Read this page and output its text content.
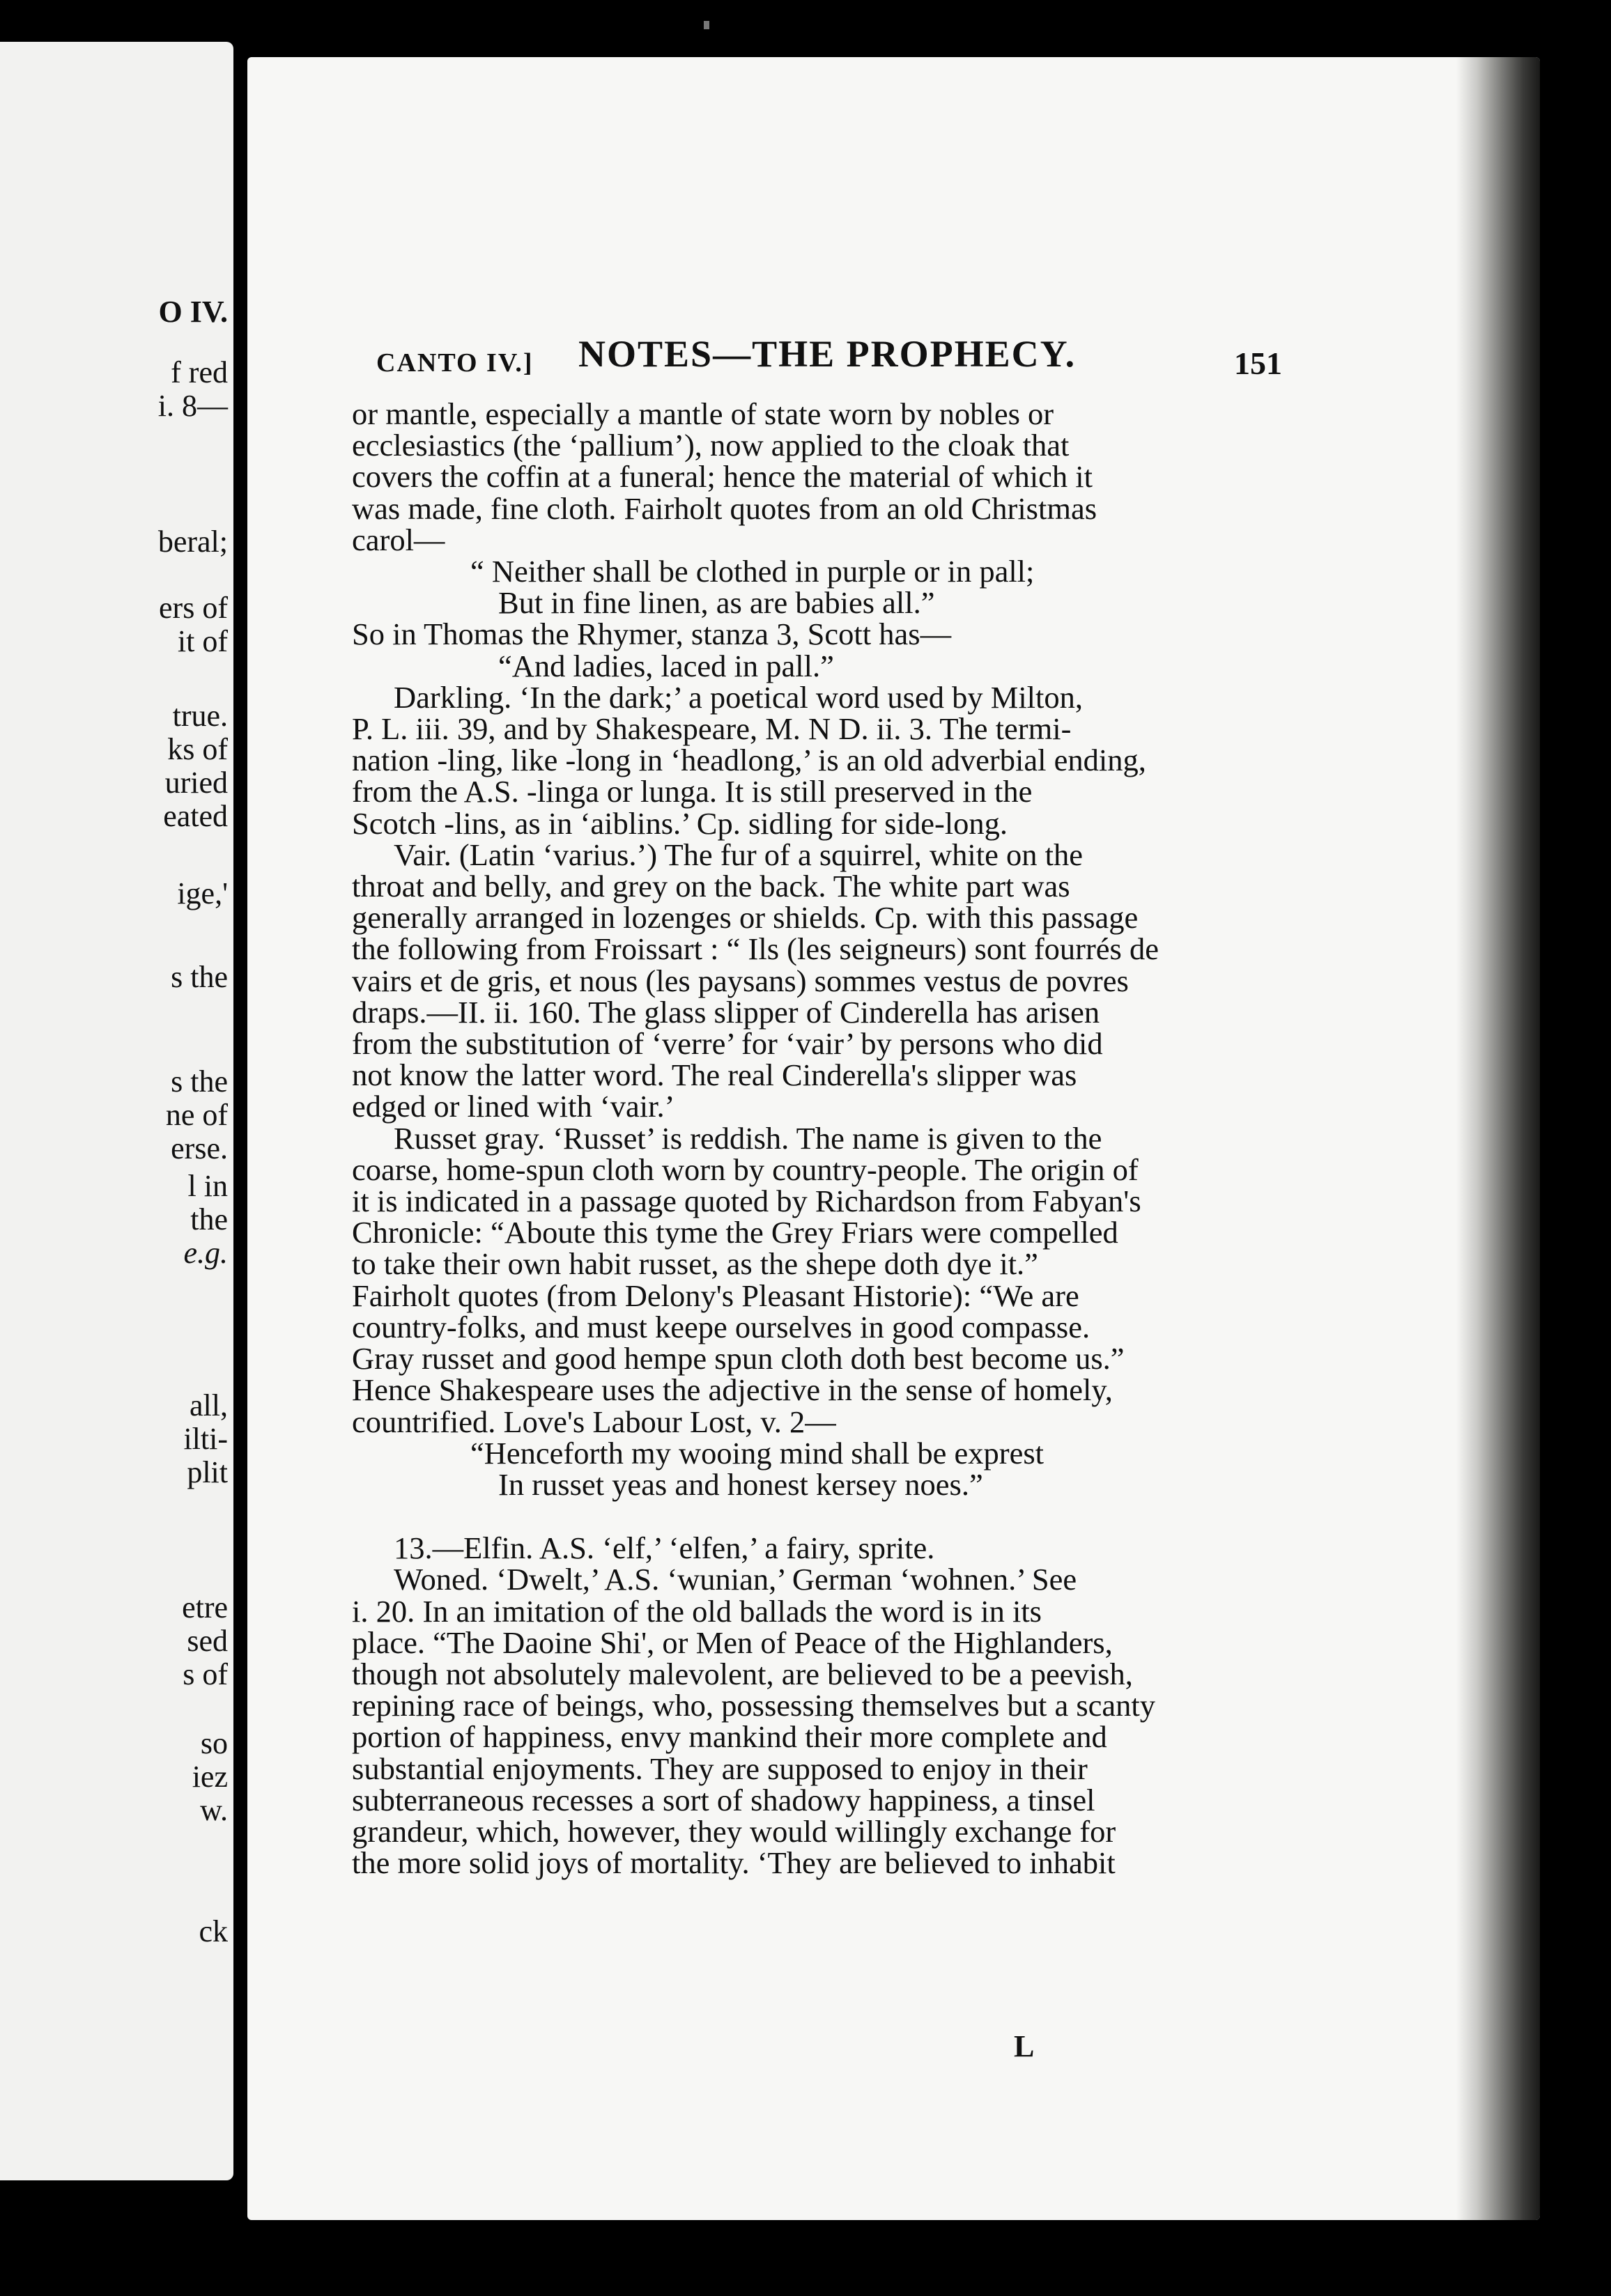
O IV.

f red

i. 8—

beral;

ers of

it of

true.

ks of

uried

eated

ige,'

s the

s the

ne of

erse.

l in

the

e.g.

all,

ilti-

plit

etre

sed

s of

so

iez

w.

ck

CANTO IV.] NOTES—THE PROPHECY.	151

or mantle, especially a mantle of state worn by nobles or

ecclesiastics (the ‘pallium’), now applied to the cloak that

covers the coffin at a funeral; hence the material of which it

was made, fine cloth. Fairholt quotes from an old Christmas

carol—

“ Neither shall be clothed in purple or in pall;

But in fine linen, as are babies all.”

So in Thomas the Rhymer, stanza 3, Scott has—

“And ladies, laced in pall.”

Darkling. ‘In the dark;’ a poetical word used by Milton,

P. L. iii. 39, and by Shakespeare, M. N D. ii. 3. The termi-

nation -ling, like -long in ‘headlong,’ is an old adverbial ending,

from the A.S. -linga or lunga. It is still preserved in the

Scotch -lins, as in ‘aiblins.’ Cp. sidling for side-long.

Vair. (Latin ‘varius.’) The fur of a squirrel, white on the

throat and belly, and grey on the back. The white part was

generally arranged in lozenges or shields. Cp. with this passage

the following from Froissart : “ Ils (les seigneurs) sont fourrés de

vairs et de gris, et nous (les paysans) sommes vestus de povres

draps.—II. ii. 160. The glass slipper of Cinderella has arisen

from the substitution of ‘verre’ for ‘vair’ by persons who did

not know the latter word. The real Cinderella's slipper was

edged or lined with ‘vair.’

Russet gray. ‘Russet’ is reddish. The name is given to the

coarse, home-spun cloth worn by country-people. The origin of

it is indicated in a passage quoted by Richardson from Fabyan's

Chronicle: “Aboute this tyme the Grey Friars were compelled

to take their own habit russet, as the shepe doth dye it.”

Fairholt quotes (from Delony's Pleasant Historie): “We are

country-folks, and must keepe ourselves in good compasse.

Gray russet and good hempe spun cloth doth best become us.”

Hence Shakespeare uses the adjective in the sense of homely,

countrified. Love's Labour Lost, v. 2—

“Henceforth my wooing mind shall be exprest

In russet yeas and honest kersey noes.”

13.—Elfin. A.S. ‘elf,’ ‘elfen,’ a fairy, sprite.

Woned. ‘Dwelt,’ A.S. ‘wunian,’ German ‘wohnen.’ See

i. 20. In an imitation of the old ballads the word is in its

place. “The Daoine Shi', or Men of Peace of the Highlanders,

though not absolutely malevolent, are believed to be a peevish,

repining race of beings, who, possessing themselves but a scanty

portion of happiness, envy mankind their more complete and

substantial enjoyments. They are supposed to enjoy in their

subterraneous recesses a sort of shadowy happiness, a tinsel

grandeur, which, however, they would willingly exchange for

the more solid joys of mortality. ‘They are believed to inhabit

L
